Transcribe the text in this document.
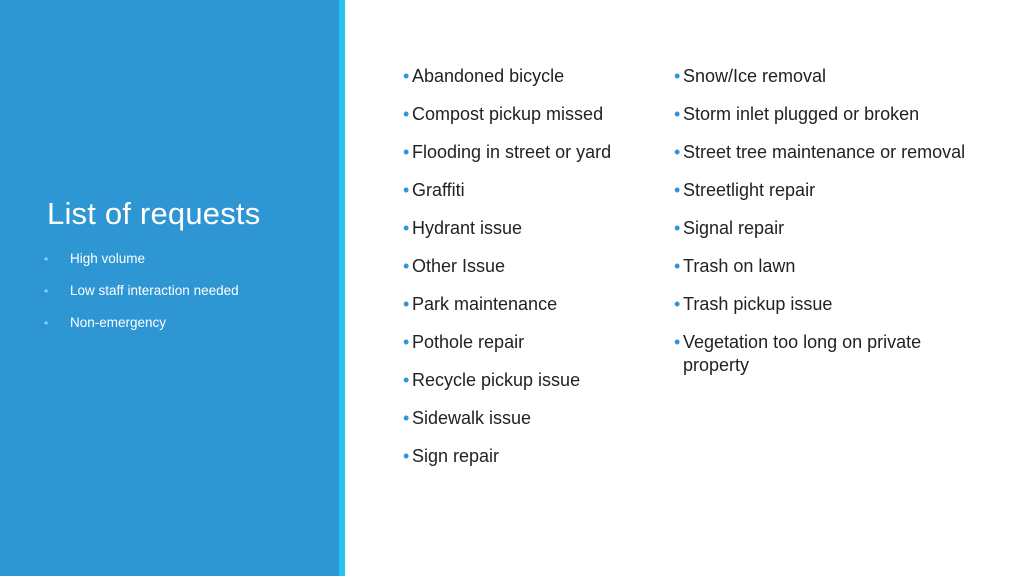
List of requests
• High volume
• Low staff interaction needed
• Non-emergency
• Abandoned bicycle
• Compost pickup missed
• Flooding in street or yard
• Graffiti
• Hydrant issue
• Other Issue
• Park maintenance
• Pothole repair
• Recycle pickup issue
• Sidewalk issue
• Sign repair
• Snow/Ice removal
• Storm inlet plugged or broken
• Street tree maintenance or removal
• Streetlight repair
• Signal repair
• Trash on lawn
• Trash pickup issue
• Vegetation too long on private property
